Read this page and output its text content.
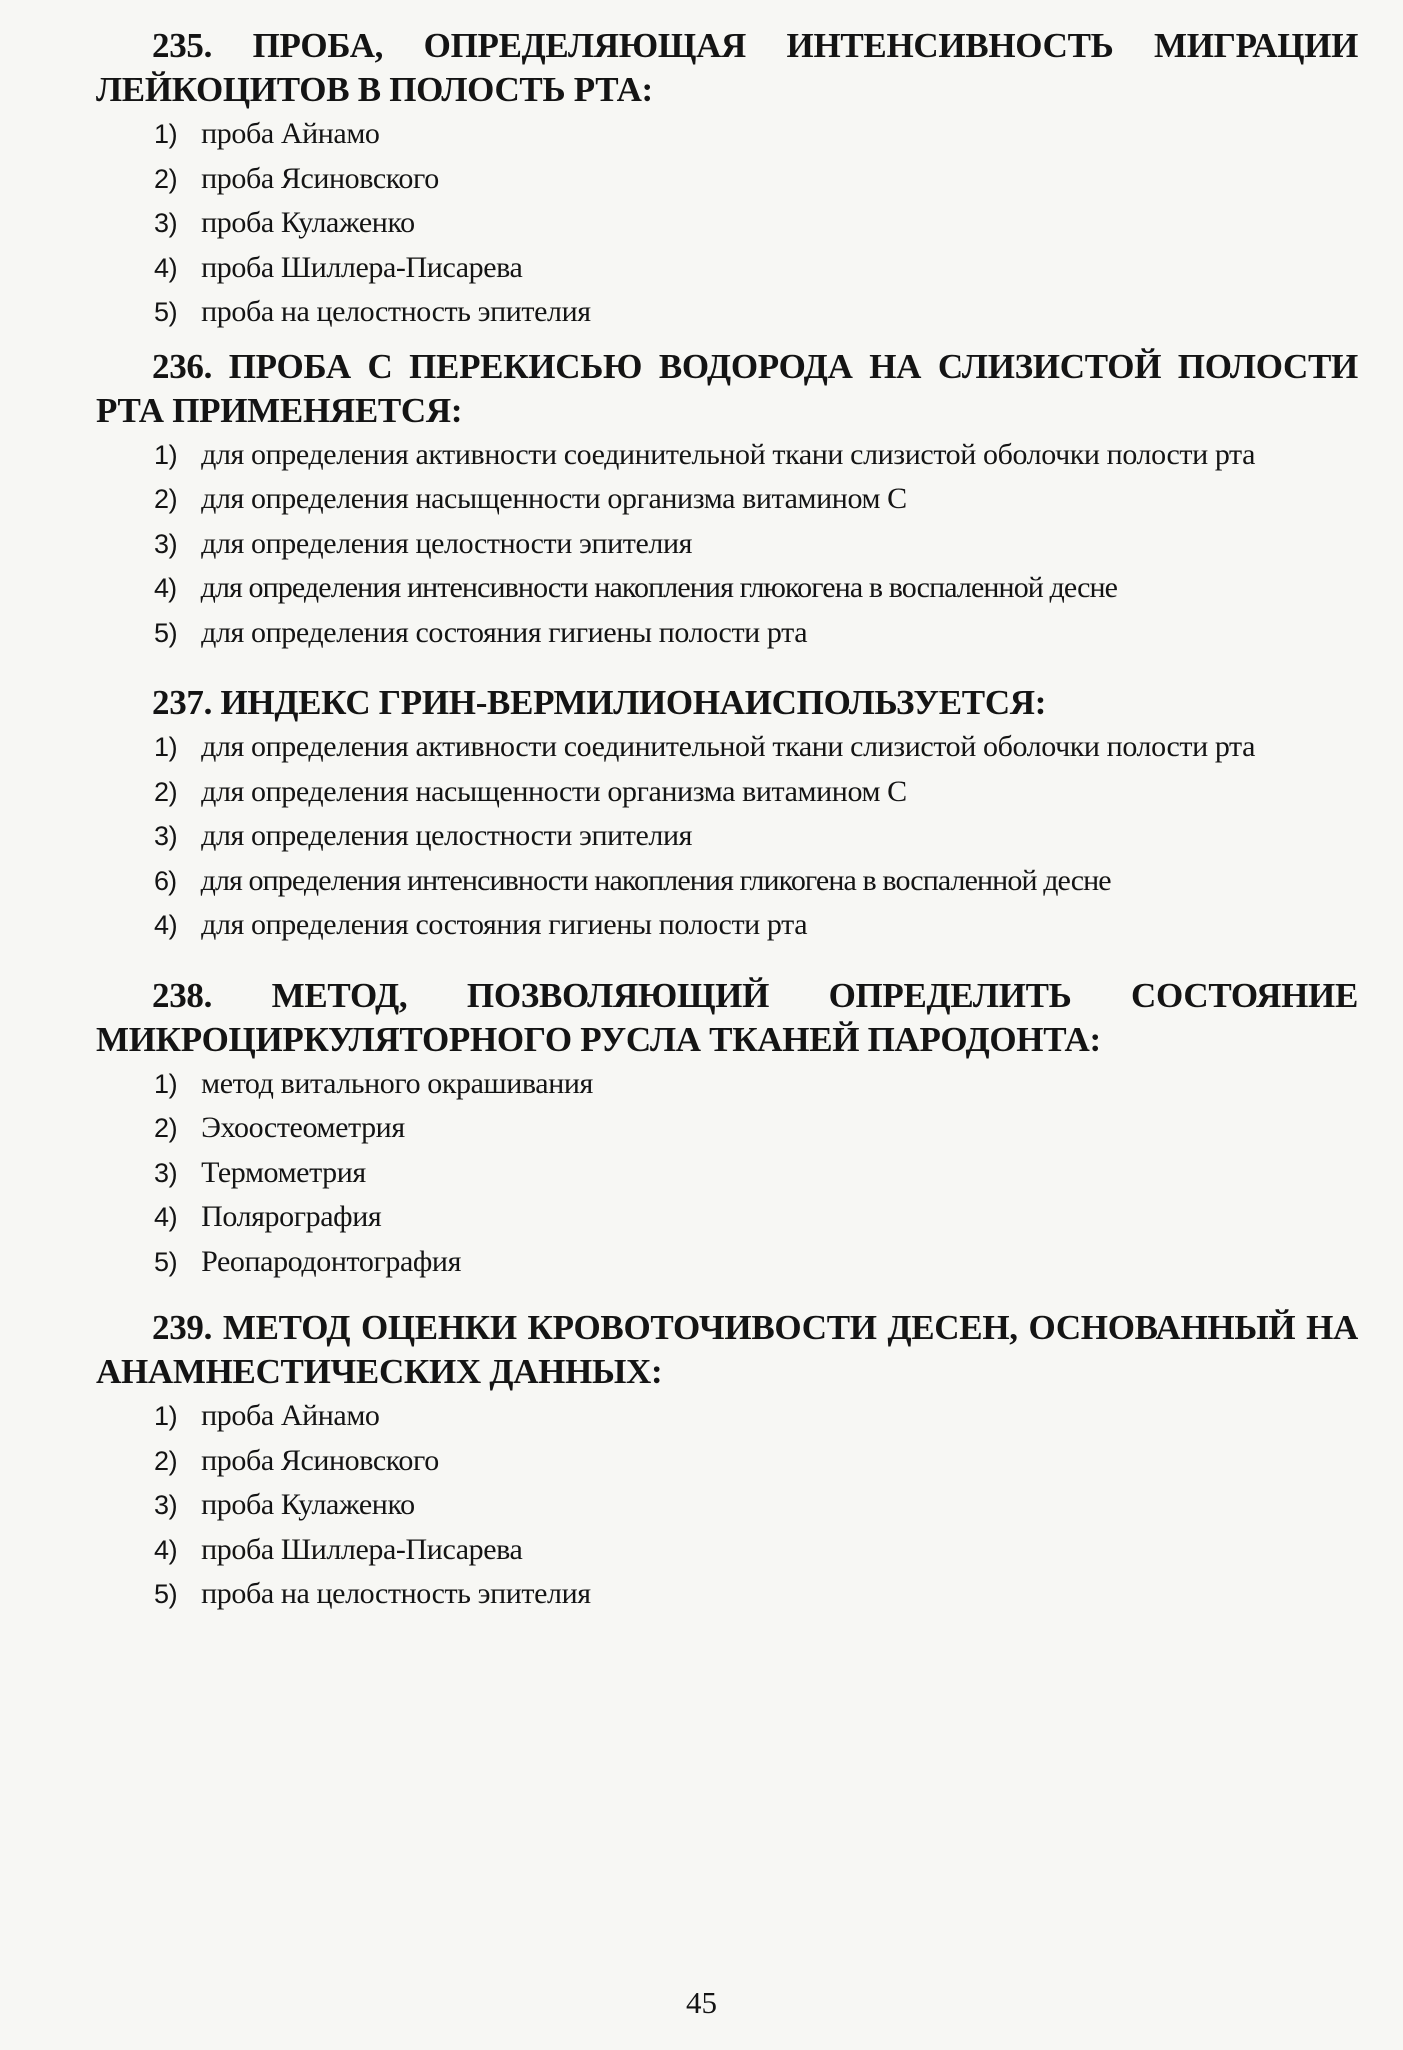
235. ПРОБА, ОПРЕДЕЛЯЮЩАЯ ИНТЕНСИВНОСТЬ МИГРАЦИИ ЛЕЙКОЦИТОВ В ПОЛОСТЬ РТА:

1) проба Айнамо
2) проба Ясиновского
3) проба Кулаженко
4) проба Шиллера-Писарева
5) проба на целостность эпителия

236. ПРОБА С ПЕРЕКИСЬЮ ВОДОРОДА НА СЛИЗИСТОЙ ПОЛОСТИ РТА ПРИМЕНЯЕТСЯ:

1) для определения активности соединительной ткани слизистой оболочки полости рта
2) для определения насыщенности организма витамином С
3) для определения целостности эпителия
4) для определения интенсивности накопления глюкогена в воспаленной десне
5) для определения состояния гигиены полости рта

237. ИНДЕКС ГРИН-ВЕРМИЛИОНАИСПОЛЬЗУЕТСЯ:

1) для определения активности соединительной ткани слизистой оболочки полости рта
2) для определения насыщенности организма витамином С
3) для определения целостности эпителия
6) для определения интенсивности накопления гликогена в воспаленной десне
4) для определения состояния гигиены полости рта

238. МЕТОД, ПОЗВОЛЯЮЩИЙ ОПРЕДЕЛИТЬ СОСТОЯНИЕ МИКРОЦИРКУЛЯТОРНОГО РУСЛА ТКАНЕЙ ПАРОДОНТА:

1) метод витального окрашивания
2) Эхоостеометрия
3) Термометрия
4) Полярография
5) Реопародонтография

239. МЕТОД ОЦЕНКИ КРОВОТОЧИВОСТИ ДЕСЕН, ОСНОВАННЫЙ НА АНАМНЕСТИЧЕСКИХ ДАННЫХ:

1) проба Айнамо
2) проба Ясиновского
3) проба Кулаженко
4) проба Шиллера-Писарева
5) проба на целостность эпителия
45
